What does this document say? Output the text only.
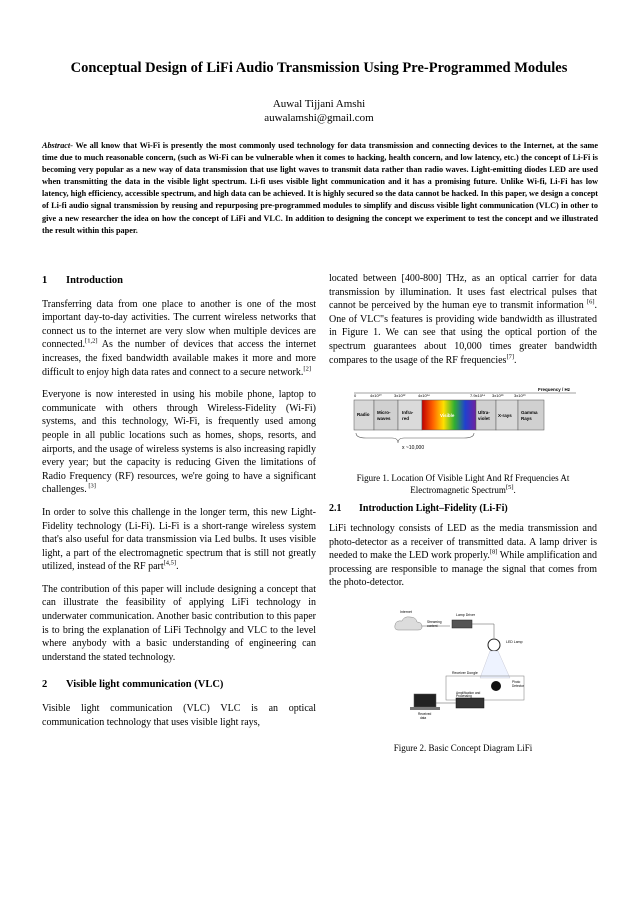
Conceptual Design of LiFi Audio Transmission Using Pre-Programmed Modules
Auwal Tijjani Amshi
auwalamshi@gmail.com
Abstract- We all know that Wi-Fi is presently the most commonly used technology for data transmission and connecting devices to the Internet, at the same time due to much reasonable concern, (such as Wi-Fi can be vulnerable when it comes to hacking, health concern, and low latency, etc.) the concept of Li-Fi is becoming very popular as a new way of data transmission that use light waves to transmit data rather than radio waves. Light-emitting diodes LED are used when transmitting the data in the visible light spectrum. Li-fi uses visible light communication and it has a promising future. Unlike Wi-fi, Li-Fi has low latency, high efficiency, accessible spectrum, and high data can be achieved. It is highly secured so the data cannot be hacked. In this paper, we design a concept of Li-fi audio signal transmission by reusing and repurposing pre-programmed modules to simplify and discuss visible light communication (VLC) in other to give a new researcher the idea on how the concept of LiFi and VLC. In addition to designing the concept we experiment to test the concept and we illustrated the result within this paper.
1 Introduction

Transferring data from one place to another is one of the most important day-to-day activities. The current wireless networks that connect us to the internet are very slow when multiple devices are connected.[1,2] As the number of devices that access the internet increases, the fixed bandwidth available makes it more and more difficult to enjoy high data rates and connect to a secure network.[2]

Everyone is now interested in using his mobile phone, laptop to communicate with others through Wireless-Fidelity (Wi-Fi) systems, and this technology, Wi-Fi, is frequently used among people in all public locations such as homes, shops, resorts, and airports, and the usage of wireless systems is also increasing rapidly every year; but the capacity is reducing Given the limitations of Radio Frequency (RF) resources, we're going to have a significant challenges. [3]

In order to solve this challenge in the longer term, this new Light-Fidelity technology (Li-Fi). Li-Fi is a short-range wireless system that's also useful for data transmission via Led bulbs. It uses visible light, a part of the electromagnetic spectrum that is still not greatly utilized, instead of the RF part[4,5].

The contribution of this paper will include designing a concept that can illustrate the feasibility of applying LiFi technology in underwater communication. Another basic contribution to this paper is to bring the explanation of LiFi Technolgy and VLC to the level where anybody with a basic understanding of engineering can understand the stated technology.

2 Visible light communication (VLC)

Visible light communication (VLC) VLC is an optical communication technology that uses visible light rays,

located between [400-800] THz, as an optical carrier for data transmission by illumination. It uses fast electrical pulses that cannot be perceived by the human eye to transmit information [6]. One of VLC"s features is providing wide bandwidth as illustrated in Figure 1. We can see that using the optical portion of the spectrum guarantees about 10,000 times greater bandwidth compares to the usage of the RF frequencies[7].

Frequency / Hz
0	4x10¹⁰	3x10¹²	4x10¹⁴	7.9x10¹⁴ 3x10¹⁶	3x10¹⁹
Radio Micro-
waves
Infra-
red
Visible
Ultra-
violet
X-rays
Gamma
Rays
x ~10,000
Figure 1. Location Of Visible Light And Rf Frequencies At Electromagnetic Spectrum[5].
2.1 Introduction Light–Fidelity (Li-Fi)
LiFi technology consists of LED as the media transmission and photo-detector as a receiver of transmitted data. A lamp driver is needed to make the LED work properly.[8] While amplification and processing are responsible to manage the signal that comes from the photo-detector.
Internet
Streaming
content
Lamp Driver
LED Lamp
Receiver Dongle
Photo
Detector
Amplification and
Processing
Received
data
Figure 2. Basic Concept Diagram LiFi
